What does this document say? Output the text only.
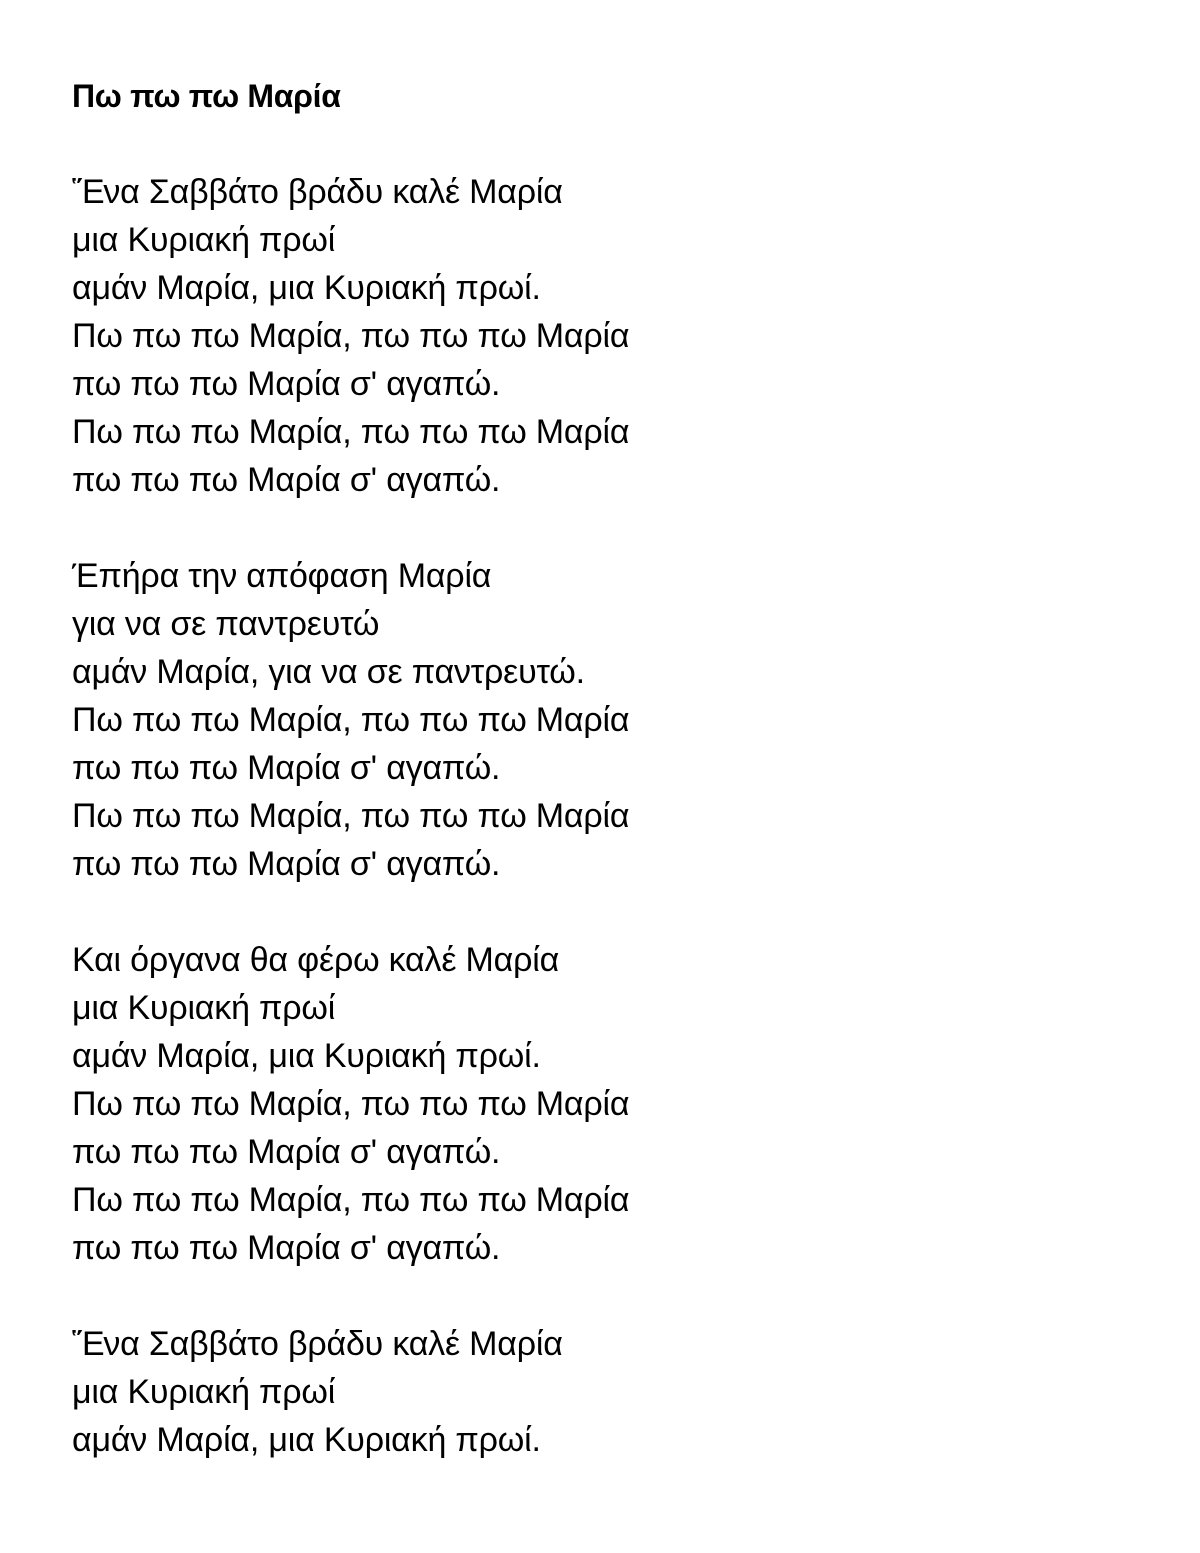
Πω πω πω Μαρία
Ἕνα Σαββάτο βράδυ καλέ Μαρία
μια Κυριακή πρωί
αμάν Μαρία, μια Κυριακή πρωί.
Πω πω πω Μαρία, πω πω πω Μαρία
πω πω πω Μαρία σ' αγαπώ.
Πω πω πω Μαρία, πω πω πω Μαρία
πω πω πω Μαρία σ' αγαπώ.
Έπήρα την απόφαση Μαρία
για να σε παντρευτώ
αμάν Μαρία, για να σε παντρευτώ.
Πω πω πω Μαρία, πω πω πω Μαρία
πω πω πω Μαρία σ' αγαπώ.
Πω πω πω Μαρία, πω πω πω Μαρία
πω πω πω Μαρία σ' αγαπώ.
Και όργανα θα φέρω καλέ Μαρία
μια Κυριακή πρωί
αμάν Μαρία, μια Κυριακή πρωί.
Πω πω πω Μαρία, πω πω πω Μαρία
πω πω πω Μαρία σ' αγαπώ.
Πω πω πω Μαρία, πω πω πω Μαρία
πω πω πω Μαρία σ' αγαπώ.
Ἕνα Σαββάτο βράδυ καλέ Μαρία
μια Κυριακή πρωί
αμάν Μαρία, μια Κυριακή πρωί.
